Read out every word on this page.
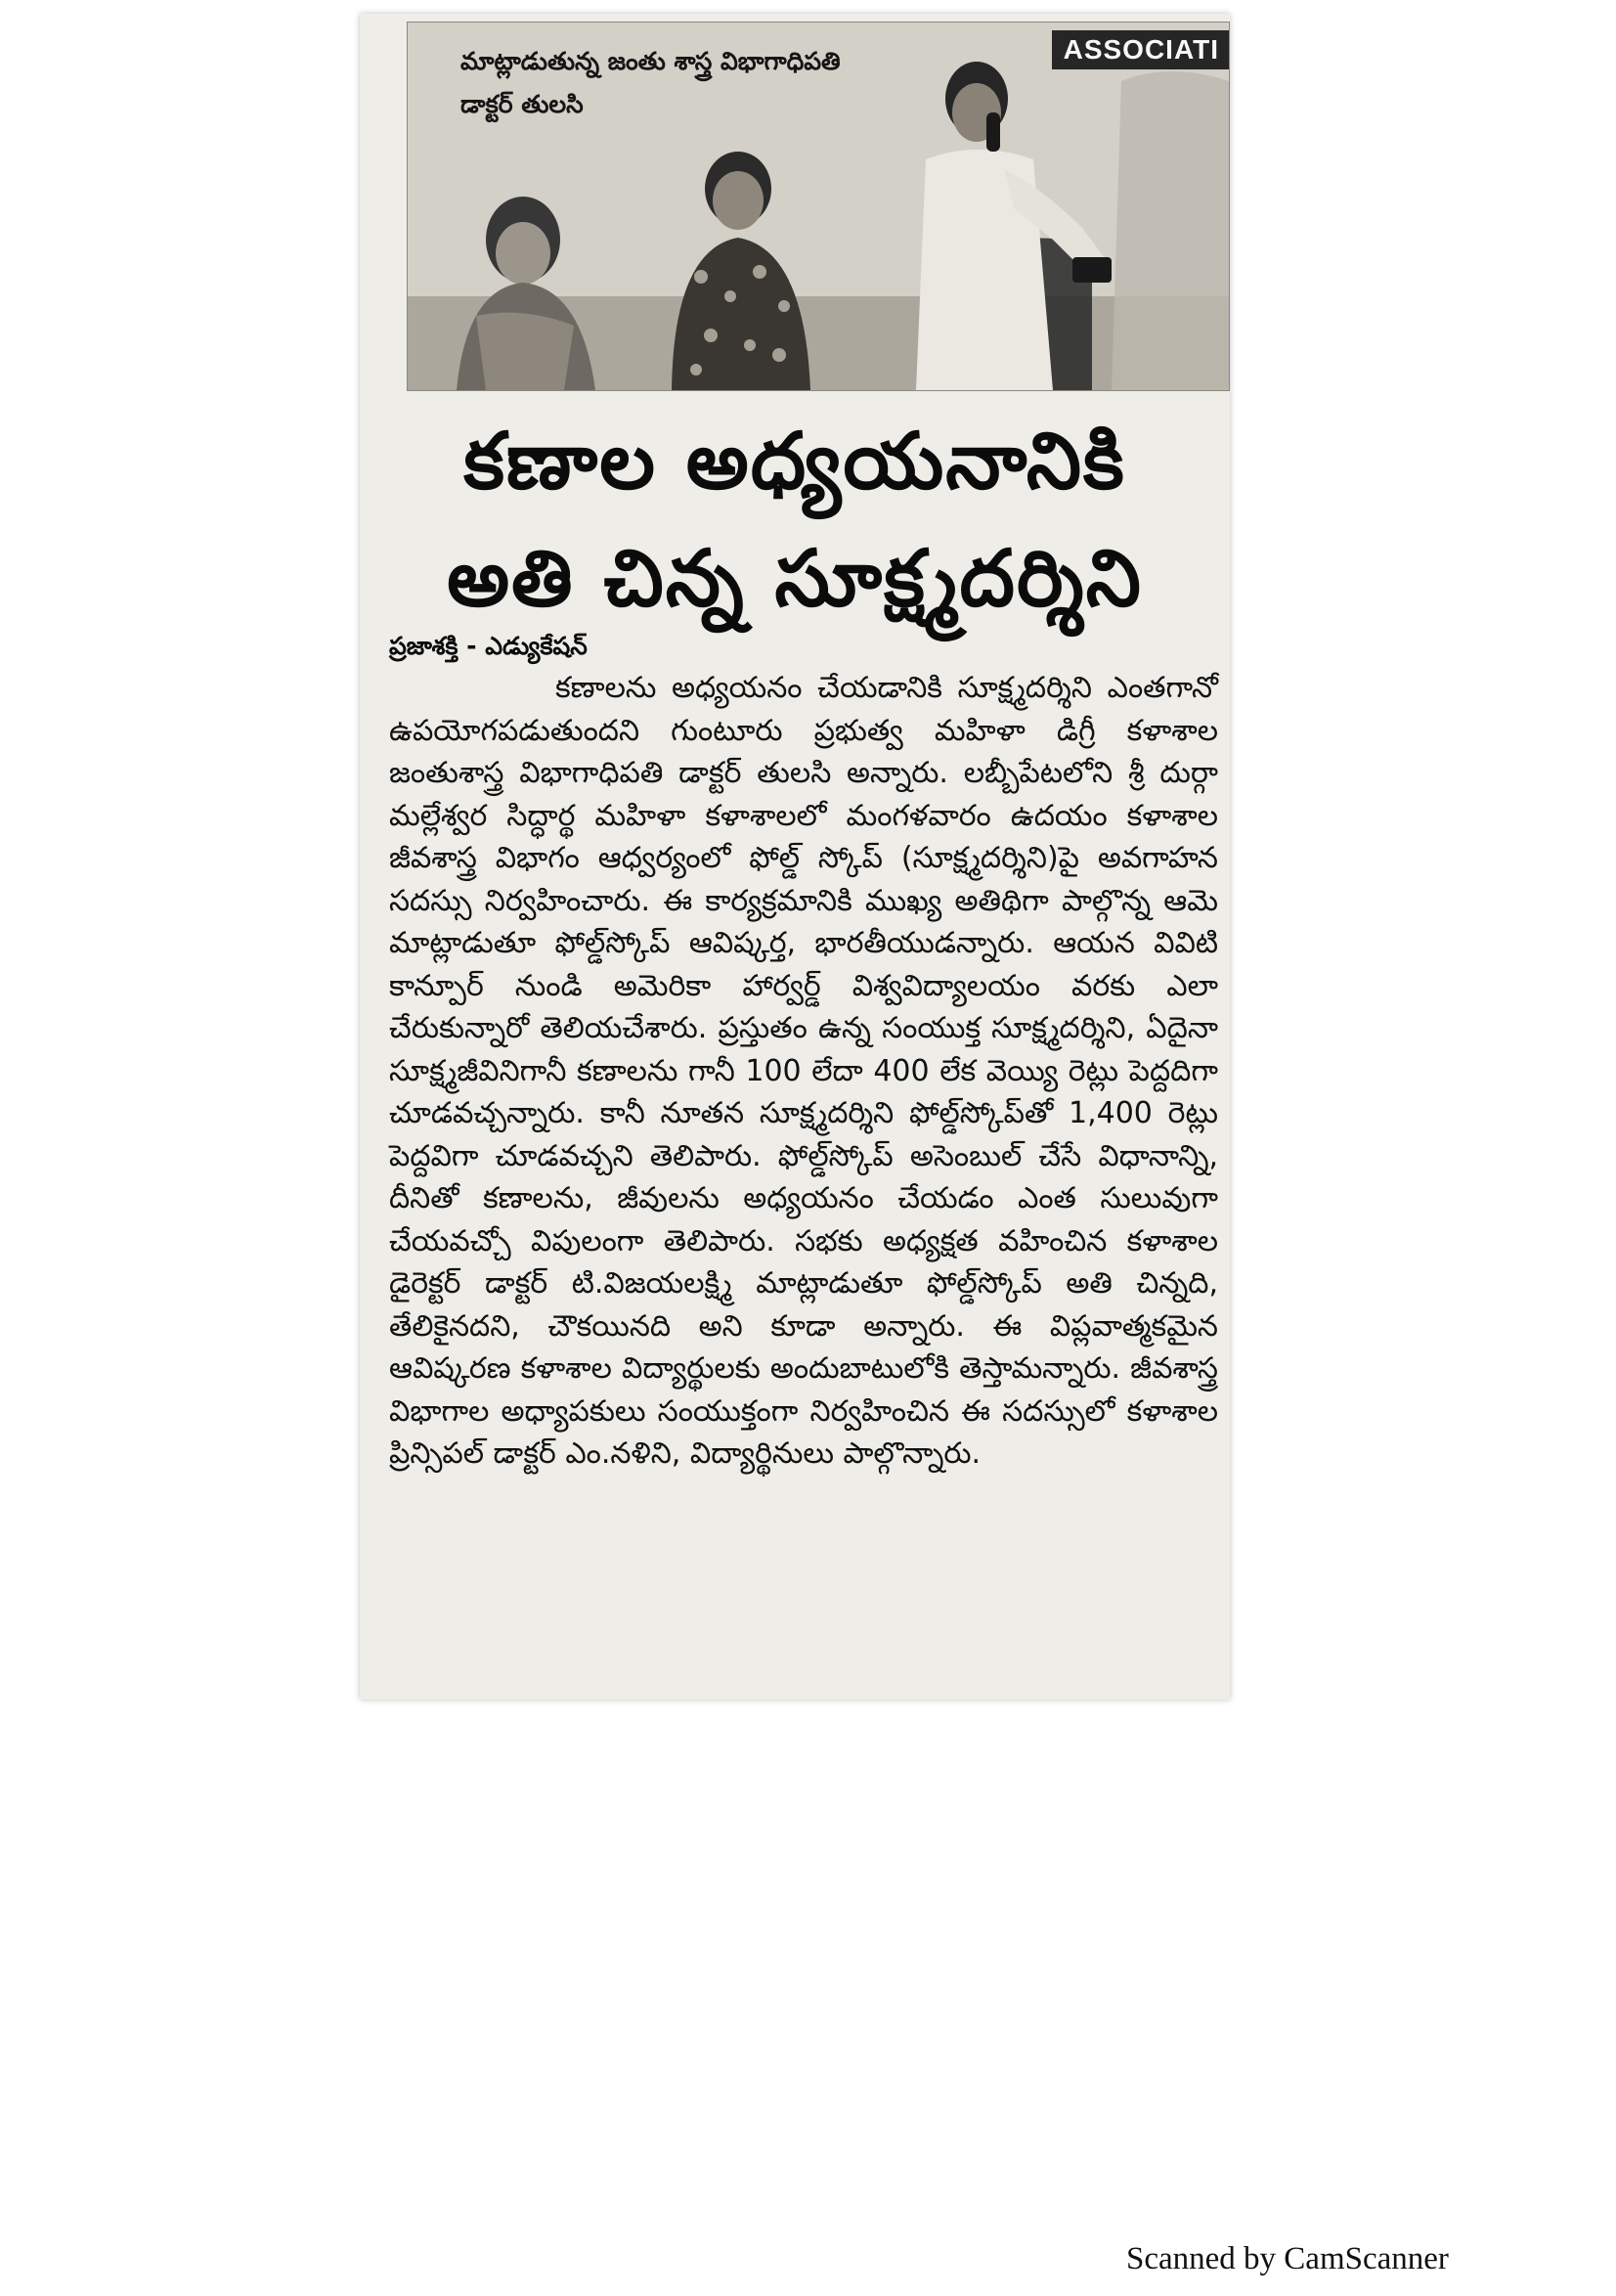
మాట్లాడుతున్న జంతు శాస్త్ర విభాగాధిపతి డాక్టర్ తులసి
ASSOCIATI
కణాల అధ్యయనానికి
అతి చిన్న సూక్ష్మదర్శిని
ప్రజాశక్తి - ఎడ్యుకేషన్

కణాలను అధ్యయనం చేయడానికి సూక్ష్మదర్శిని ఎంతగానో ఉపయోగపడుతుందని గుంటూరు ప్రభుత్వ మహిళా డిగ్రీ కళాశాల జంతుశాస్త్ర విభాగాధిపతి డాక్టర్ తులసి అన్నారు. లబ్బీపేటలోని శ్రీ దుర్గా మల్లేశ్వర సిద్ధార్థ మహిళా కళాశాలలో మంగళవారం ఉదయం కళాశాల జీవశాస్త్ర విభాగం ఆధ్వర్యంలో ఫోల్డ్ స్కోప్ (సూక్ష్మదర్శిని)పై అవగాహన సదస్సు నిర్వహించారు. ఈ కార్యక్రమానికి ముఖ్య అతిథిగా పాల్గొన్న ఆమె మాట్లాడుతూ ఫోల్డ్‌స్కోప్ ఆవిష్కర్త, భారతీయుడన్నారు. ఆయన వివిటి కాన్పూర్ నుండి అమెరికా హార్వర్డ్ విశ్వవిద్యాలయం వరకు ఎలా చేరుకున్నారో తెలియచేశారు. ప్రస్తుతం ఉన్న సంయుక్త సూక్ష్మదర్శిని, ఏదైనా సూక్ష్మజీవినిగానీ కణాలను గానీ 100 లేదా 400 లేక వెయ్యి రెట్లు పెద్దదిగా చూడవచ్చన్నారు. కానీ నూతన సూక్ష్మదర్శిని ఫోల్డ్‌స్కోప్‌తో 1,400 రెట్లు పెద్దవిగా చూడవచ్చని తెలిపారు. ఫోల్డ్‌స్కోప్ అసెంబుల్ చేసే విధానాన్ని, దీనితో కణాలను, జీవులను అధ్యయనం చేయడం ఎంత సులువుగా చేయవచ్చో విపులంగా తెలిపారు. సభకు అధ్యక్షత వహించిన కళాశాల డైరెక్టర్ డాక్టర్ టి.విజయలక్ష్మి మాట్లాడుతూ ఫోల్డ్‌స్కోప్ అతి చిన్నది, తేలికైనదని, చౌకయినది అని కూడా అన్నారు. ఈ విప్లవాత్మకమైన ఆవిష్కరణ కళాశాల విద్యార్థులకు అందుబాటులోకి తెస్తామన్నారు. జీవశాస్త్ర విభాగాల అధ్యాపకులు సంయుక్తంగా నిర్వహించిన ఈ సదస్సులో కళాశాల ప్రిన్సిపల్ డాక్టర్ ఎం.నళిని, విద్యార్థినులు పాల్గొన్నారు.

Scanned by CamScanner
